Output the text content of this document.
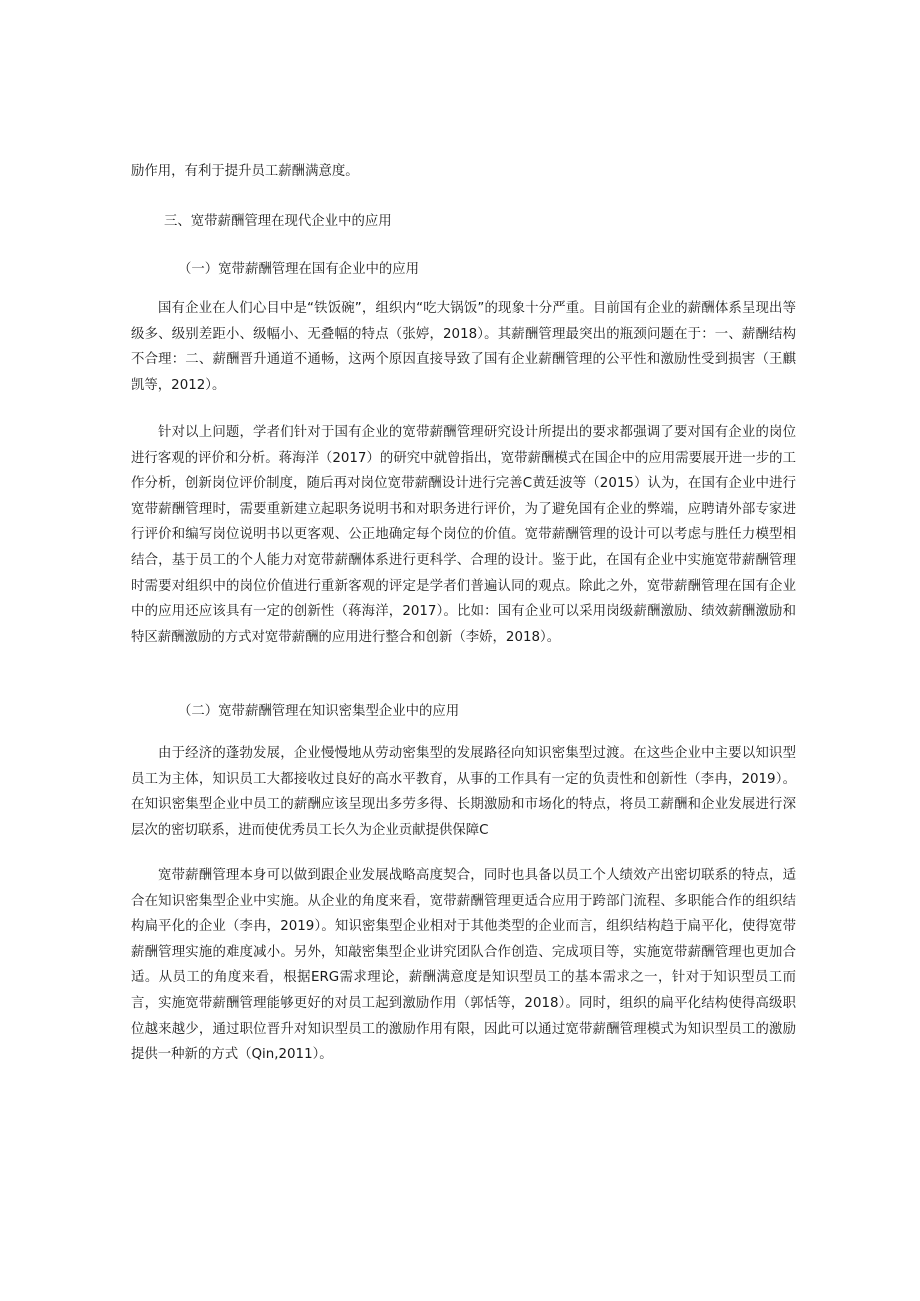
励作用，有利于提升员工薪酬满意度。

三、宽带薪酬管理在现代企业中的应用

（一）宽带薪酬管理在国有企业中的应用

国有企业在人们心目中是“铁饭碗”，组织内“吃大锅饭”的现象十分严重。目前国有企业的薪酬体系呈现出等级多、级别差距小、级幅小、无叠幅的特点（张婷，2018）。其薪酬管理最突出的瓶颈问题在于：一、薪酬结构不合理：二、薪酬晋升通道不通畅，这两个原因直接导致了国有企业薪酬管理的公平性和激励性受到损害（王麒凯等，2012）。

针对以上问题，学者们针对于国有企业的宽带薪酬管理研究设计所提出的要求都强调了要对国有企业的岗位进行客观的评价和分析。蒋海洋（2017）的研究中就曾指出，宽带薪酬模式在国企中的应用需要展开进一步的工作分析，创新岗位评价制度，随后再对岗位宽带薪酬设计进行完善C黄廷波等（2015）认为，在国有企业中进行宽带薪酬管理时，需要重新建立起职务说明书和对职务进行评价，为了避免国有企业的弊端，应聘请外部专家进行评价和编写岗位说明书以更客观、公正地确定每个岗位的价值。宽带薪酬管理的设计可以考虑与胜任力模型相结合，基于员工的个人能力对宽带薪酬体系进行更科学、合理的设计。鉴于此，在国有企业中实施宽带薪酬管理时需要对组织中的岗位价值进行重新客观的评定是学者们普遍认同的观点。除此之外，宽带薪酬管理在国有企业中的应用还应该具有一定的创新性（蒋海洋，2017）。比如：国有企业可以采用岗级薪酬激励、绩效薪酬激励和特区薪酬激励的方式对宽带薪酬的应用进行整合和创新（李娇，2018）。

（二）宽带薪酬管理在知识密集型企业中的应用

由于经济的蓬勃发展，企业慢慢地从劳动密集型的发展路径向知识密集型过渡。在这些企业中主要以知识型员工为主体，知识员工大都接收过良好的高水平教育，从事的工作具有一定的负责性和创新性（李冉，2019）。在知识密集型企业中员工的薪酬应该呈现出多劳多得、长期激励和市场化的特点，将员工薪酬和企业发展进行深层次的密切联系，进而使优秀员工长久为企业贡献提供保障C

宽带薪酬管理本身可以做到跟企业发展战略高度契合，同时也具备以员工个人绩效产出密切联系的特点，适合在知识密集型企业中实施。从企业的角度来看，宽带薪酬管理更适合应用于跨部门流程、多职能合作的组织结构扁平化的企业（李冉，2019）。知识密集型企业相对于其他类型的企业而言，组织结构趋于扁平化，使得宽带薪酬管理实施的难度减小。另外，知敲密集型企业讲究团队合作创造、完成项目等，实施宽带薪酬管理也更加合适。从员工的角度来看，根据ERG需求理论，薪酬满意度是知识型员工的基本需求之一，针对于知识型员工而言，实施宽带薪酬管理能够更好的对员工起到激励作用（郭恬等，2018）。同时，组织的扁平化结构使得高级职位越来越少，通过职位晋升对知识型员工的激励作用有限，因此可以通过宽带薪酬管理模式为知识型员工的激励提供一种新的方式（Qin,2011）。
